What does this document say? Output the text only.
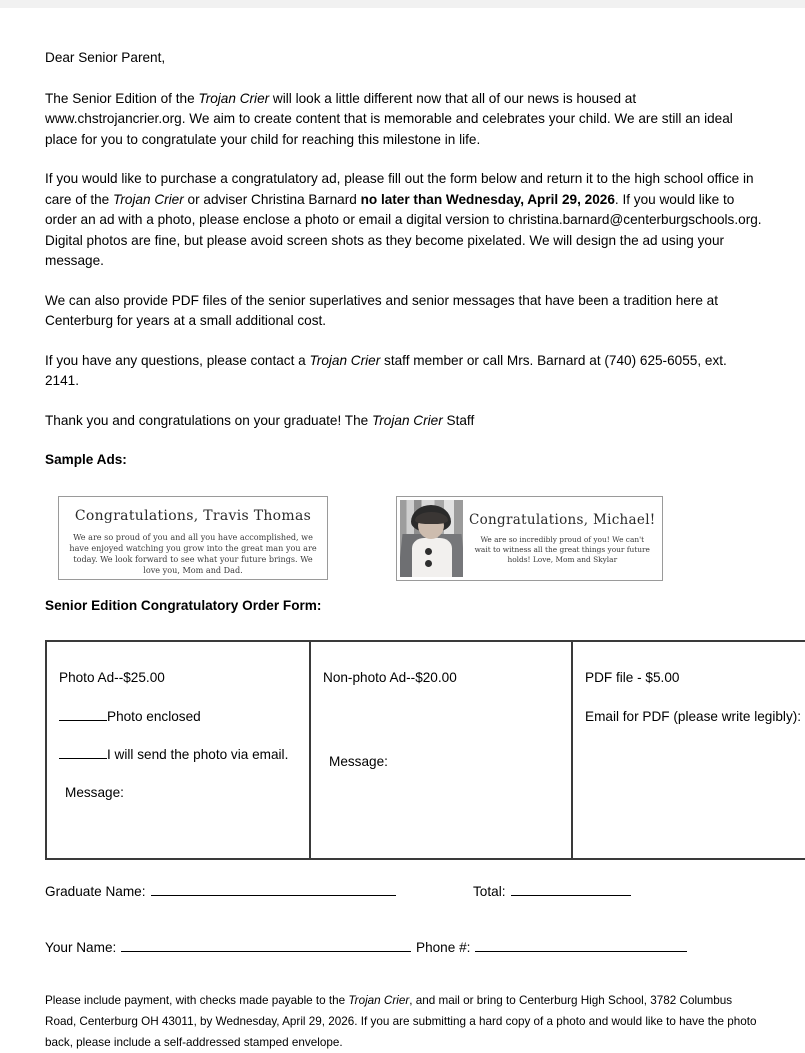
Dear Senior Parent,

The Senior Edition of the Trojan Crier will look a little different now that all of our news is housed at www.chstrojancrier.org. We aim to create content that is memorable and celebrates your child. We are still an ideal place for you to congratulate your child for reaching this milestone in life.

If you would like to purchase a congratulatory ad, please fill out the form below and return it to the high school office in care of the Trojan Crier or adviser Christina Barnard no later than Wednesday, April 29, 2026. If you would like to order an ad with a photo, please enclose a photo or email a digital version to christina.barnard@centerburgschools.org. Digital photos are fine, but please avoid screen shots as they become pixelated. We will design the ad using your message.

We can also provide PDF files of the senior superlatives and senior messages that have been a tradition here at Centerburg for years at a small additional cost.

If you have any questions, please contact a Trojan Crier staff member or call Mrs. Barnard at (740) 625-6055, ext. 2141.

Thank you and congratulations on your graduate! The Trojan Crier Staff

Sample Ads:
Congratulations, Travis Thomas
We are so proud of you and all you have accomplished, we have enjoyed watching you grow into the great man you are today. We look forward to see what your future brings. We love you, Mom and Dad.
Congratulations, Michael!
We are so incredibly proud of you! We can't wait to witness all the great things your future holds! Love, Mom and Skylar
Senior Edition Congratulatory Order Form:
Photo Ad--$25.00
Photo enclosed
I will send the photo via email.
Message:

Non-photo Ad--$20.00
Message:

PDF file - $5.00
Email for PDF (please write legibly):
Graduate Name:	Total:
Your Name:	Phone #:

Please include payment, with checks made payable to the Trojan Crier, and mail or bring to Centerburg High School, 3782 Columbus Road, Centerburg OH 43011, by Wednesday, April 29, 2026. If you are submitting a hard copy of a photo and would like to have the photo back, please include a self-addressed stamped envelope.
